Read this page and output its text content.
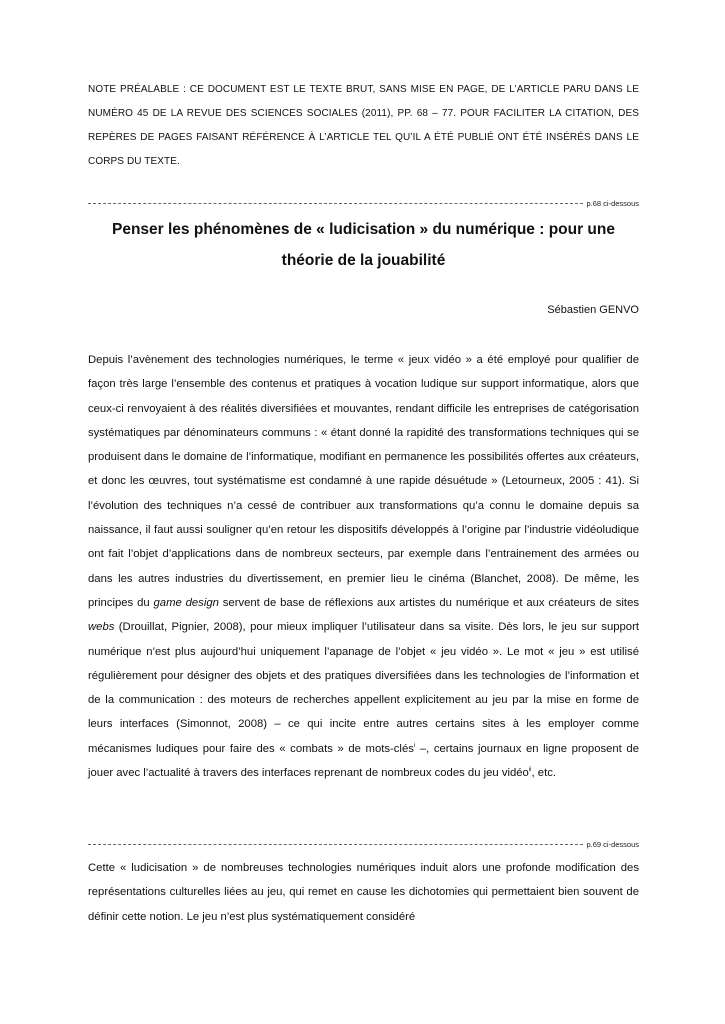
NOTE PRÉALABLE : CE DOCUMENT EST LE TEXTE BRUT, SANS MISE EN PAGE, DE L’ARTICLE PARU DANS LE NUMÉRO 45 DE LA REVUE DES SCIENCES SOCIALES (2011), PP. 68 – 77. POUR FACILITER LA CITATION, DES REPÈRES DE PAGES FAISANT RÉFÉRENCE À L’ARTICLE TEL QU’IL A ÉTÉ PUBLIÉ ONT ÉTÉ INSÉRÉS DANS LE CORPS DU TEXTE.
p.68 ci-dessous
Penser les phénomènes de « ludicisation » du numérique : pour une théorie de la jouabilité
Sébastien GENVO

Depuis l’avènement des technologies numériques, le terme « jeux vidéo » a été employé pour qualifier de façon très large l’ensemble des contenus et pratiques à vocation ludique sur support informatique, alors que ceux-ci renvoyaient à des réalités diversifiées et mouvantes, rendant difficile les entreprises de catégorisation systématiques par dénominateurs communs : « étant donné la rapidité des transformations techniques qui se produisent dans le domaine de l’informatique, modifiant en permanence les possibilités offertes aux créateurs, et donc les œuvres, tout systématisme est condamné à une rapide désuétude » (Letourneux, 2005 : 41). Si l’évolution des techniques n’a cessé de contribuer aux transformations qu’a connu le domaine depuis sa naissance, il faut aussi souligner qu’en retour les dispositifs développés à l’origine par l’industrie vidéoludique ont fait l’objet d’applications dans de nombreux secteurs, par exemple dans l’entrainement des armées ou dans les autres industries du divertissement, en premier lieu le cinéma (Blanchet, 2008). De même, les principes du game design servent de base de réflexions aux artistes du numérique et aux créateurs de sites webs (Drouillat, Pignier, 2008), pour mieux impliquer l’utilisateur dans sa visite. Dès lors, le jeu sur support numérique n’est plus aujourd’hui uniquement l’apanage de l’objet « jeu vidéo ». Le mot « jeu » est utilisé régulièrement pour désigner des objets et des pratiques diversifiées dans les technologies de l’information et de la communication : des moteurs de recherches appellent explicitement au jeu par la mise en forme de leurs interfaces (Simonnot, 2008) – ce qui incite entre autres certains sites à les employer comme mécanismes ludiques pour faire des « combats » de mots-clés$^i$ –, certains journaux en ligne proposent de jouer avec l’actualité à travers des interfaces reprenant de nombreux codes du jeu vidéo$^{ii}$, etc.

p.69 ci-dessous

Cette « ludicisation » de nombreuses technologies numériques induit alors une profonde modification des représentations culturelles liées au jeu, qui remet en cause les dichotomies qui permettaient bien souvent de définir cette notion. Le jeu n’est plus systématiquement considéré
